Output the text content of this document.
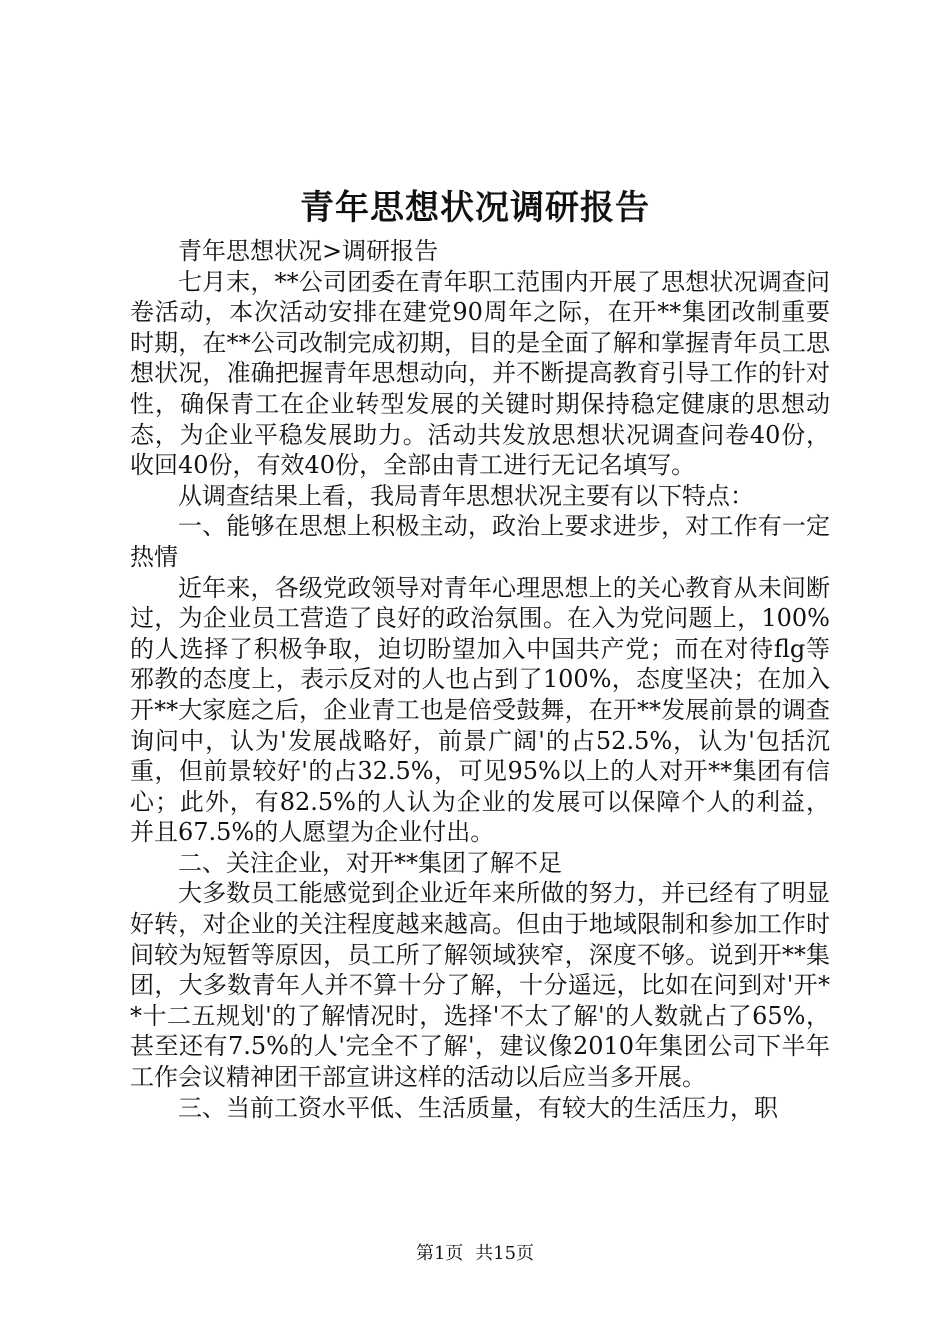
青年思想状况调研报告

青年思想状况>调研报告

七月末，**公司团委在青年职工范围内开展了思想状况调查问卷活动，本次活动安排在建党90周年之际，在开**集团改制重要时期，在**公司改制完成初期，目的是全面了解和掌握青年员工思想状况，准确把握青年思想动向，并不断提高教育引导工作的针对性，确保青工在企业转型发展的关键时期保持稳定健康的思想动态，为企业平稳发展助力。活动共发放思想状况调查问卷40份，收回40份，有效40份，全部由青工进行无记名填写。

从调查结果上看，我局青年思想状况主要有以下特点：

一、能够在思想上积极主动，政治上要求进步，对工作有一定热情

近年来，各级党政领导对青年心理思想上的关心教育从未间断过，为企业员工营造了良好的政治氛围。在入为党问题上，100%的人选择了积极争取，迫切盼望加入中国共产党；而在对待flg等邪教的态度上，表示反对的人也占到了100%，态度坚决；在加入开**大家庭之后，企业青工也是倍受鼓舞，在开**发展前景的调查询问中，认为'发展战略好，前景广阔'的占52.5%，认为'包括沉重，但前景较好'的占32.5%，可见95%以上的人对开**集团有信心；此外，有82.5%的人认为企业的发展可以保障个人的利益，并且67.5%的人愿望为企业付出。

二、关注企业，对开**集团了解不足

大多数员工能感觉到企业近年来所做的努力，并已经有了明显好转，对企业的关注程度越来越高。但由于地域限制和参加工作时间较为短暂等原因，员工所了解领域狭窄，深度不够。说到开**集团，大多数青年人并不算十分了解，十分遥远，比如在问到对'开**十二五规划'的了解情况时，选择'不太了解'的人数就占了65%，甚至还有7.5%的人'完全不了解'，建议像2010年集团公司下半年工作会议精神团干部宣讲这样的活动以后应当多开展。

三、当前工资水平低、生活质量，有较大的生活压力，职

第1页 共15页
